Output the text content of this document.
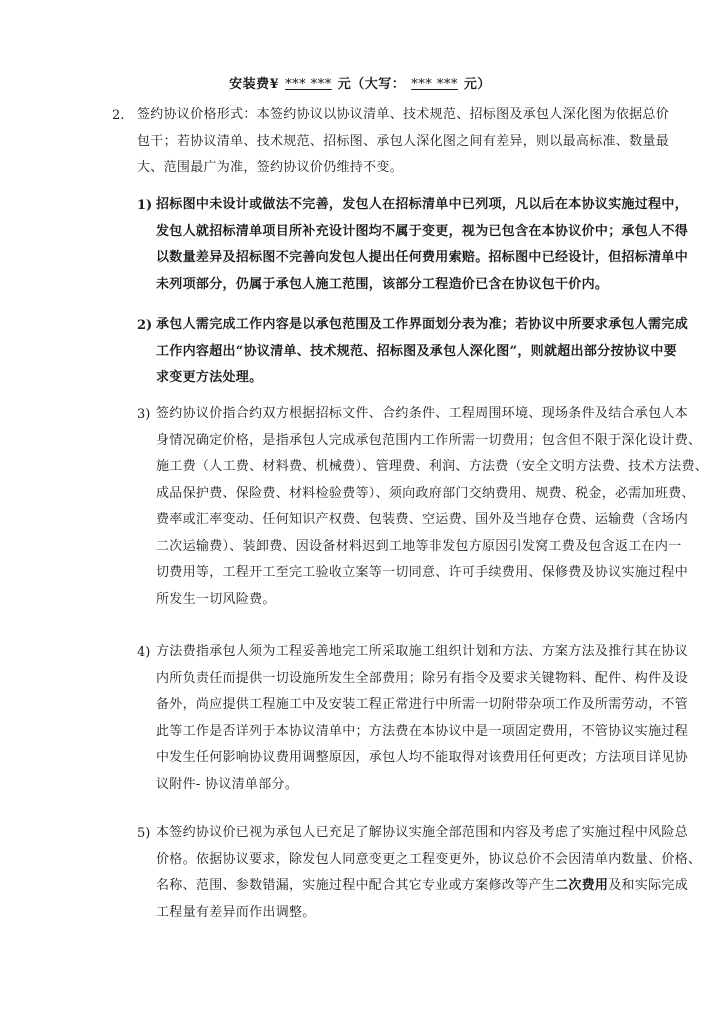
安装费¥ *** *** 元（大写： *** *** 元）
2. 签约协议价格形式：本签约协议以协议清单、技术规范、招标图及承包人深化图为依据总价
包干；若协议清单、技术规范、招标图、承包人深化图之间有差异，则以最高标准、数量最
大、范围最广为准，签约协议价仍维持不变。
1) 招标图中未设计或做法不完善，发包人在招标清单中已列项，凡以后在本协议实施过程中，
发包人就招标清单项目所补充设计图均不属于变更，视为已包含在本协议价中；承包人不得
以数量差异及招标图不完善向发包人提出任何费用索赔。招标图中已经设计，但招标清单中
未列项部分，仍属于承包人施工范围，该部分工程造价已含在协议包干价内。
2) 承包人需完成工作内容是以承包范围及工作界面划分表为准；若协议中所要求承包人需完成
工作内容超出“协议清单、技术规范、招标图及承包人深化图”，则就超出部分按协议中要
求变更方法处理。
3) 签约协议价指合约双方根据招标文件、合约条件、工程周围环境、现场条件及结合承包人本
身情况确定价格，是指承包人完成承包范围内工作所需一切费用；包含但不限于深化设计费、
施工费（人工费、材料费、机械费）、管理费、利润、方法费（安全文明方法费、技术方法费、
成品保护费、保险费、材料检验费等）、须向政府部门交纳费用、规费、税金，必需加班费、
费率或汇率变动、任何知识产权费、包装费、空运费、国外及当地存仓费、运输费（含场内
二次运输费）、装卸费、因设备材料迟到工地等非发包方原因引发窝工费及包含返工在内一
切费用等，工程开工至完工验收立案等一切同意、许可手续费用、保修费及协议实施过程中
所发生一切风险费。
4) 方法费指承包人须为工程妥善地完工所采取施工组织计划和方法、方案方法及推行其在协议
内所负责任而提供一切设施所发生全部费用；除另有指令及要求关键物料、配件、构件及设
备外，尚应提供工程施工中及安装工程正常进行中所需一切附带杂项工作及所需劳动，不管
此等工作是否详列于本协议清单中；方法费在本协议中是一项固定费用，不管协议实施过程
中发生任何影响协议费用调整原因，承包人均不能取得对该费用任何更改；方法项目详见协
议附件- 协议清单部分。
5) 本签约协议价已视为承包人已充足了解协议实施全部范围和内容及考虑了实施过程中风险总
价格。依据协议要求，除发包人同意变更之工程变更外，协议总价不会因清单内数量、价格、
名称、范围、参数错漏，实施过程中配合其它专业或方案修改等产生二次费用及和实际完成
工程量有差异而作出调整。
